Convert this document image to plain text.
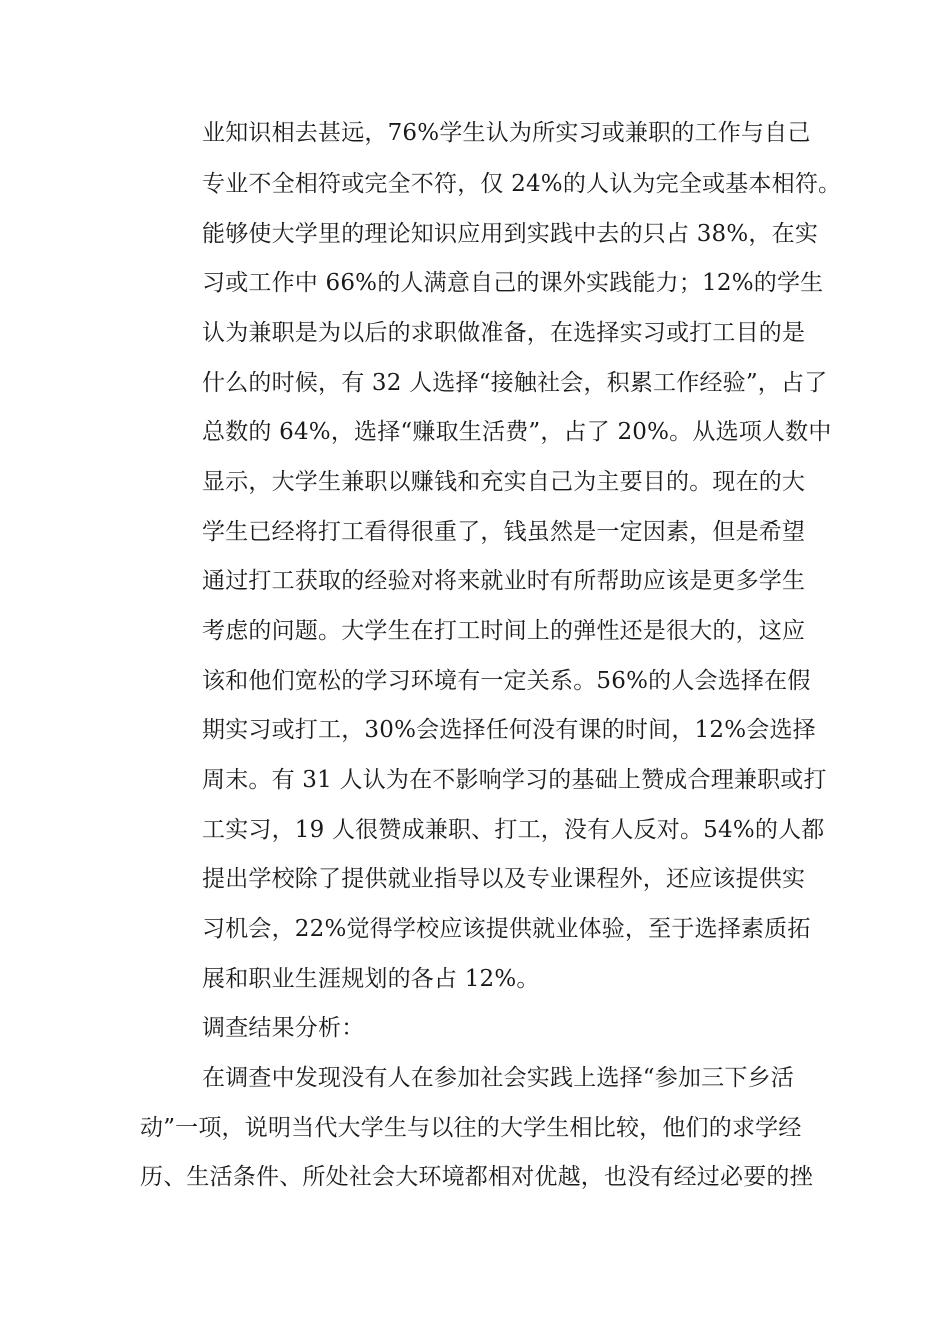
业知识相去甚远，76%学生认为所实习或兼职的工作与自己
专业不全相符或完全不符，仅 24%的人认为完全或基本相符。
能够使大学里的理论知识应用到实践中去的只占 38%，在实
习或工作中 66%的人满意自己的课外实践能力；12%的学生
认为兼职是为以后的求职做准备，在选择实习或打工目的是
什么的时候，有 32 人选择“接触社会，积累工作经验”，占了
总数的 64%，选择“赚取生活费”，占了 20%。从选项人数中
显示，大学生兼职以赚钱和充实自己为主要目的。现在的大
学生已经将打工看得很重了，钱虽然是一定因素，但是希望
通过打工获取的经验对将来就业时有所帮助应该是更多学生
考虑的问题。大学生在打工时间上的弹性还是很大的，这应
该和他们宽松的学习环境有一定关系。56%的人会选择在假
期实习或打工，30%会选择任何没有课的时间，12%会选择
周末。有 31 人认为在不影响学习的基础上赞成合理兼职或打
工实习，19 人很赞成兼职、打工，没有人反对。54%的人都
提出学校除了提供就业指导以及专业课程外，还应该提供实
习机会，22%觉得学校应该提供就业体验，至于选择素质拓
展和职业生涯规划的各占 12%。
调查结果分析：
在调查中发现没有人在参加社会实践上选择“参加三下乡活
动”一项，说明当代大学生与以往的大学生相比较，他们的求学经
历、生活条件、所处社会大环境都相对优越，也没有经过必要的挫
